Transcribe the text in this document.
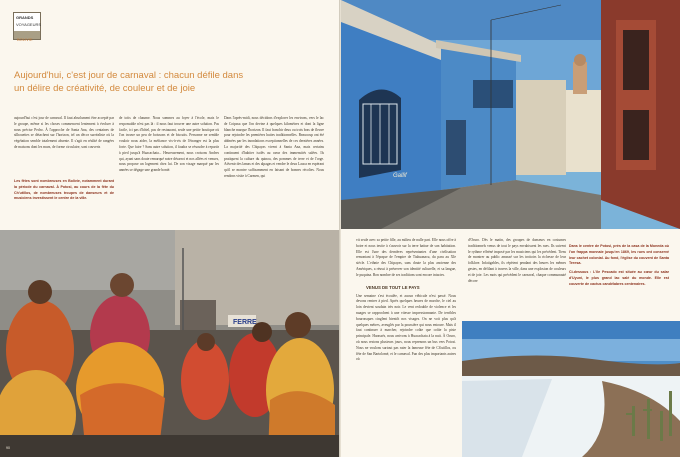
GRANDS
VOYAGEURS
BOLIVIE
Aujourd'hui, c'est jour de carnaval : chacun défile dans un délire de créativité, de couleur et de joie

aujourd'hui c'est jour de carnaval. Il faut absolument être accepté par le groupe, même si les choses commencent lentement à évoluer à nous précise Pedro. À l'approche de Santa Ana, des centaines de silhouettes se détachent sur l'horizon, tel un décor surréaliste où la végétation semble totalement absente. Il s'agit en réalité de rangées de maisons dont les murs, de forme circulaire, sont couverts

de toits de chaume. Nous sommes au foyer à l'école, mais le responsable n'est pas là : il nous faut trouver une autre solution. Pas facile, ici pas d'hôtel, pas de restaurant, seule une petite boutique où l'on trouve un peu de boissons et de biscuits. Personne ne semble vouloir nous aider, la méfiance vis-à-vis de l'étranger est la plus forte. Que faire ? Sans autre solution, il faudra se résoudre à repartir à pied jusqu'à Huacachata... Heureusement, nous croisons Andres qui, ayant sans doute remarqué notre désarroi et nos allées et venues, nous propose un logement chez lui. De son visage marqué par les années se dégage une grande bonté.

Dans l'après-midi, nous décidons d'explorer les environs, vers le lac de Coipasa que l'on devine à quelques kilomètres et dont la ligne blanche marque l'horizon. Il faut franchir deux ou trois bras de fleuve pour rejoindre les premières huttes traditionnelles. Beaucoup ont été abîmées par les inondations exceptionnelles de ces dernières années. La majorité des Chipayas vivent à Santa Ana, mais certains continuent d'habiter isolés au cœur des immensités salées. Ils pratiquent la culture du quinoa, des pommes de terre et de l'orge. Advenir des lamas et des alpagas et vendre le deux Lauca en espérant qu'il se montre suffisamment en faisant de bonnes récoltes. Nous rendons visite à Carmen, qui

Les fêtes sont nombreuses en Bolivie, notamment durant la période du carnaval. À Potosi, au cours de la fête du Ch'utillos, de nombreuses troupes de danseurs et de musiciens investissent le centre de la ville.

FERRE
90
Gallif

vit seule avec sa petite fille, au milieu de nulle part. Elle nous offre à boire et nous invite à s'asseoir sur la terre battue de son habitation. Elle est l'une des dernières représentantes d'une civilisation remontant à l'époque de l'empire de Tiahuanacu, du paru au XIe siècle. L'ethnie des Chipayas, sans doute la plus ancienne des Amériques, a réussi à préserver son identité culturelle, et sa langue, le puquina. Bon nombre de ses traditions sont encore intactes.

VENUS DE TOUT LE PAYS

Une semaine s'est écoulée, et aucun véhicule n'est passé. Nous devons rentrer à pied. Après quelques heures de marche, le ciel au loin devient soudain très noir. Le vent redouble de violence et les nuages se rapprochent à une vitesse impressionnante. De terribles bourrasques cinglent bientôt nos visages. On ne voit plus qu'à quelques mètres, aveuglés par la poussière qui nous entoure. Mais il faut continuer à marcher, rejoindre coûte que coûte la piste principale. Harassés, nous arrivons à Huacachata à la nuit. À Oruro, où nous restons plusieurs jours, nous reprenons un bus vers Potosi. Nous ne voulons surtout pas rater la fameuse fête de Ch'utillos, ou fête de San Bartolomé, et le carnaval. Fun des plus importants autres où

d'Oruro. Dès le matin, des groupes de danseurs en costumes traditionnels venus de tout le pays envahissent les rues. Ils suivent le rythme effréné imposé par les musiciens qui les précèdent. Tiens de montrer au public amassé sur les trottoirs la richesse de leur folklore. Infatigables, ils répètent pendant des heures les mêmes gestes, en défilant à travers la ville, dans une explosion de couleurs et de joie. Les mots qui précèdent le carnaval, chaque communauté décore

Dans le centre de Potosi, près de la casa de la Moneda où l'on frappa monnaie jusqu'en 1869, les rues ont conservé leur cachet colonial. Au fond, l'église du couvent de Santa Teresa.

Ci-dessous : L'île Pescado est située au cœur du salar d'Uyuni, le plus grand lac salé du monde. Elle est couverte de cactus candélabres centenaires.
